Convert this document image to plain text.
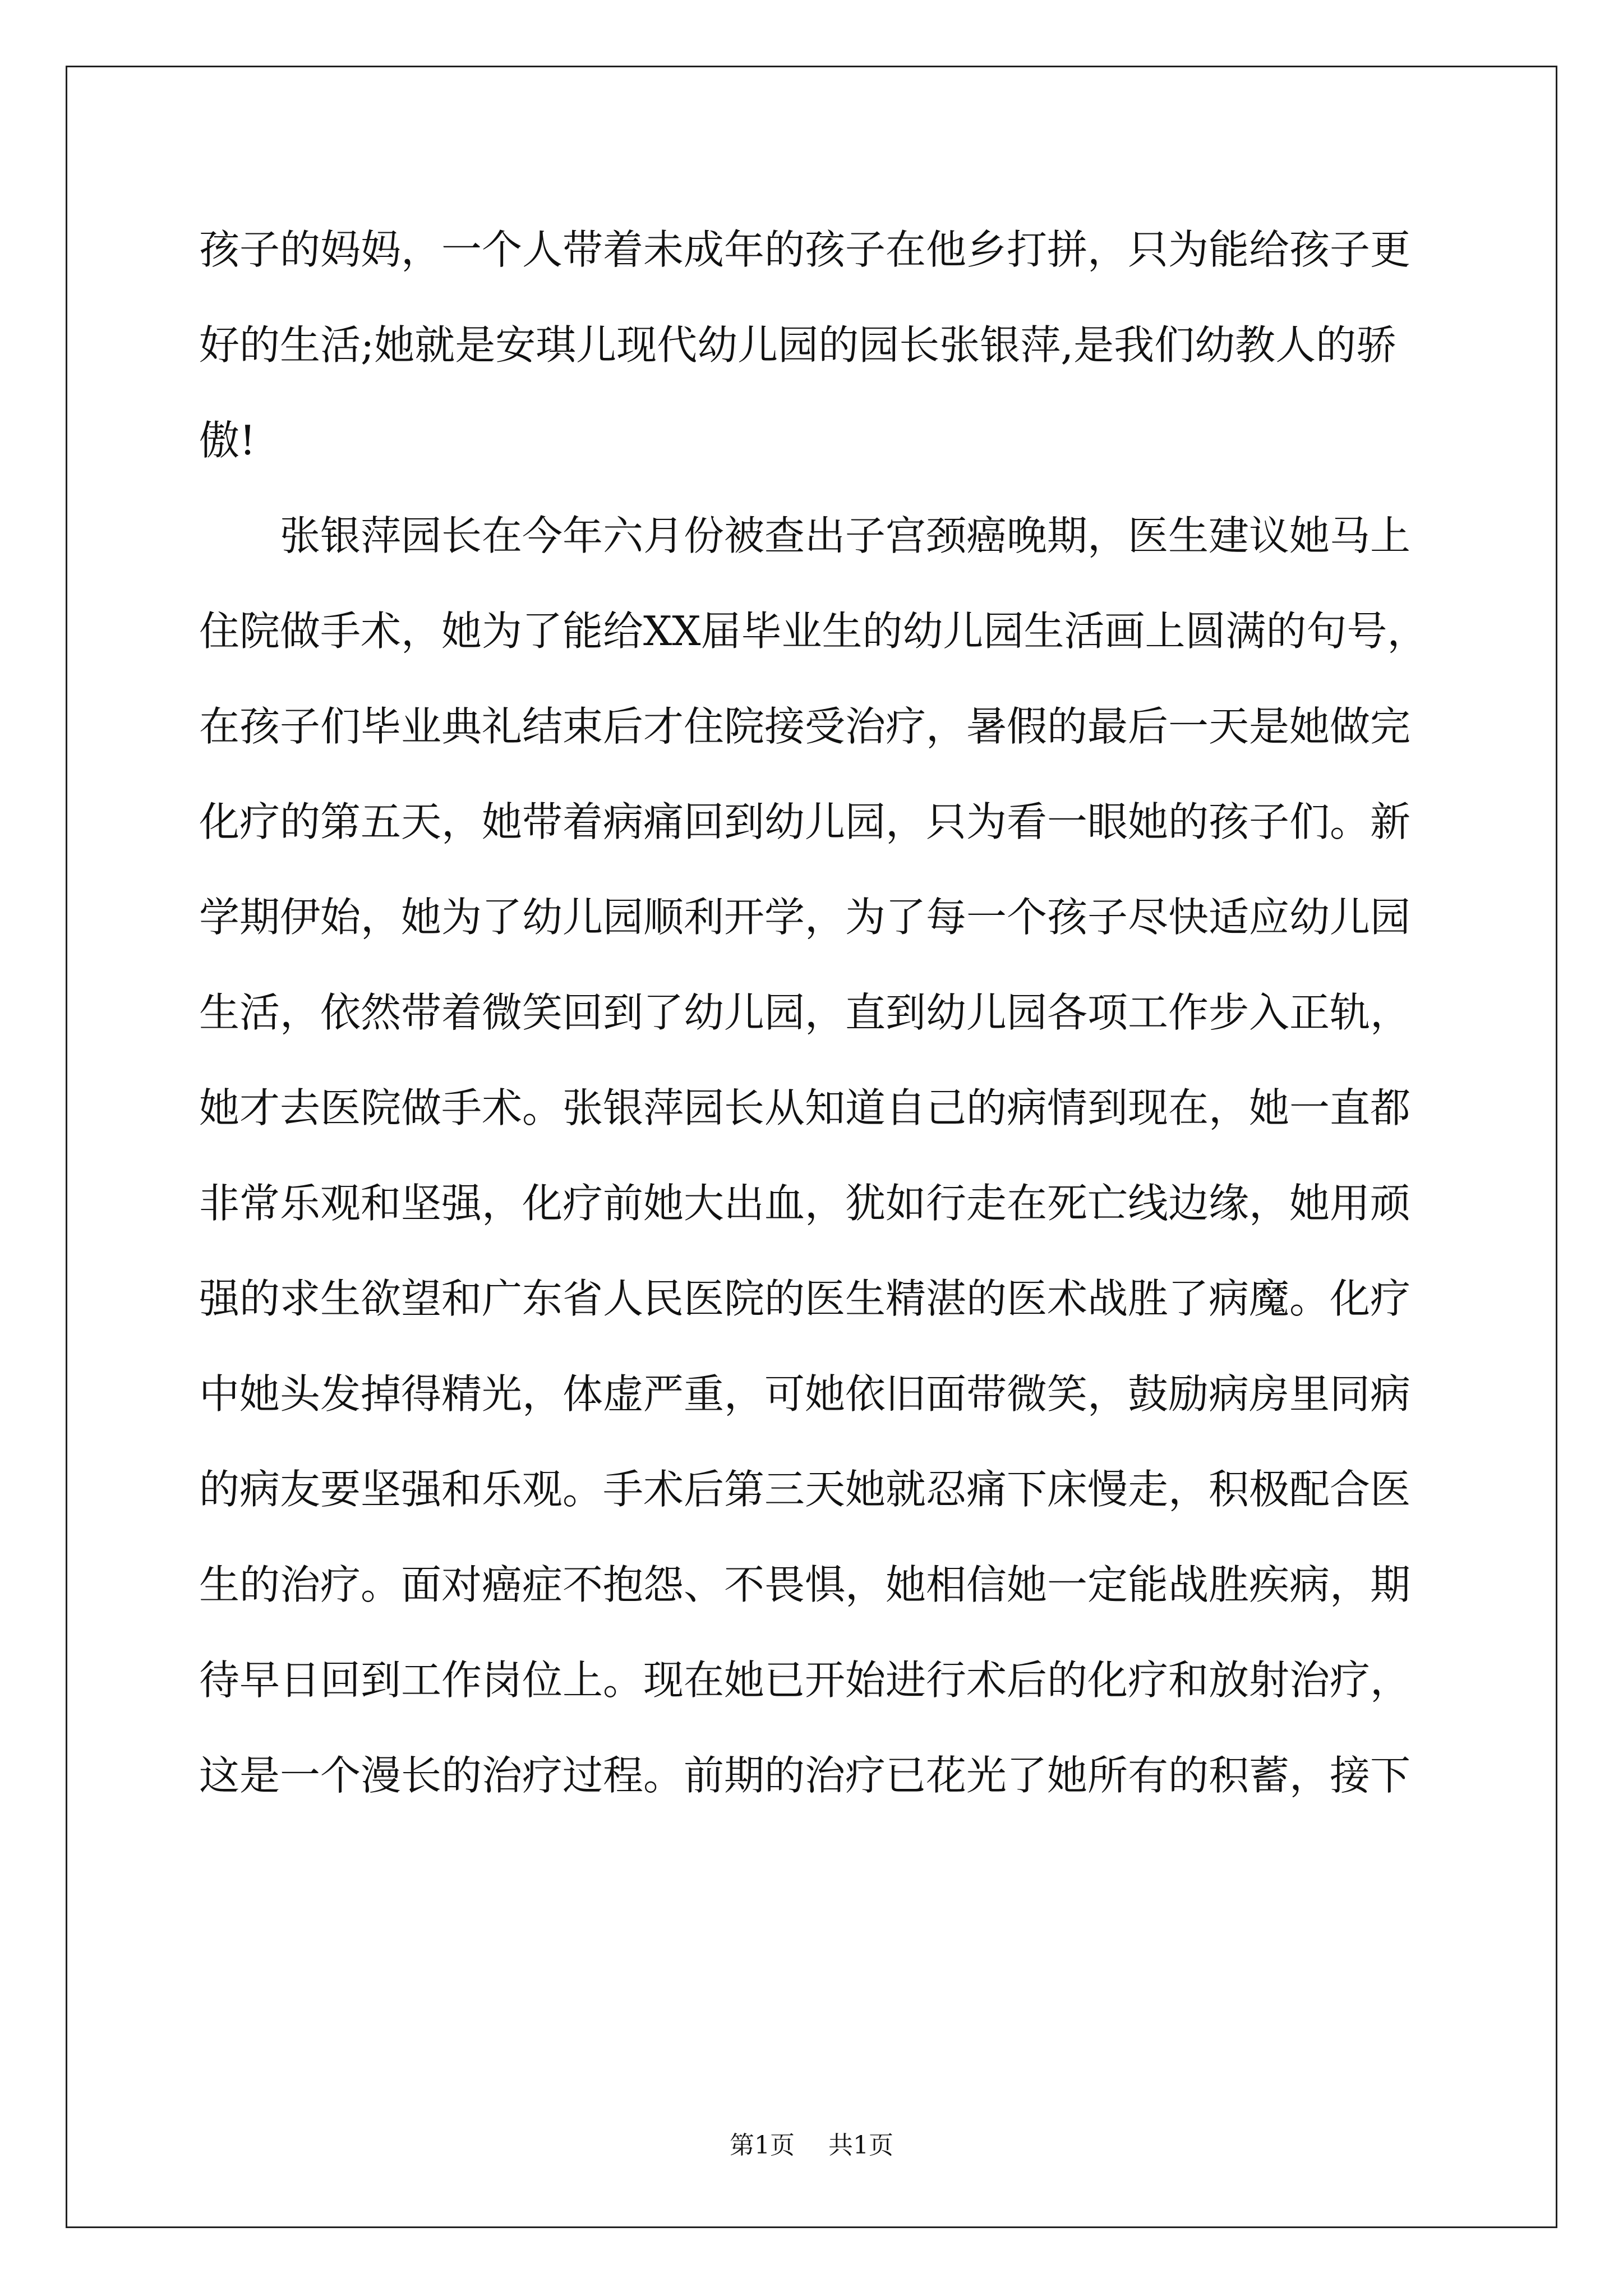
孩子的妈妈，一个人带着未成年的孩子在他乡打拼，只为能给孩子更
好的生活;她就是安琪儿现代幼儿园的园长张银萍,是我们幼教人的骄
傲!
张银萍园长在今年六月份被查出子宫颈癌晚期，医生建议她马上
住院做手术，她为了能给XX届毕业生的幼儿园生活画上圆满的句号，
在孩子们毕业典礼结束后才住院接受治疗，暑假的最后一天是她做完
化疗的第五天，她带着病痛回到幼儿园，只为看一眼她的孩子们。新
学期伊始，她为了幼儿园顺利开学，为了每一个孩子尽快适应幼儿园
生活，依然带着微笑回到了幼儿园，直到幼儿园各项工作步入正轨，
她才去医院做手术。张银萍园长从知道自己的病情到现在，她一直都
非常乐观和坚强，化疗前她大出血，犹如行走在死亡线边缘，她用顽
强的求生欲望和广东省人民医院的医生精湛的医术战胜了病魔。化疗
中她头发掉得精光，体虚严重，可她依旧面带微笑，鼓励病房里同病
的病友要坚强和乐观。手术后第三天她就忍痛下床慢走，积极配合医
生的治疗。面对癌症不抱怨、不畏惧，她相信她一定能战胜疾病，期
待早日回到工作岗位上。现在她已开始进行术后的化疗和放射治疗，
这是一个漫长的治疗过程。前期的治疗已花光了她所有的积蓄，接下
第1页 共1页
